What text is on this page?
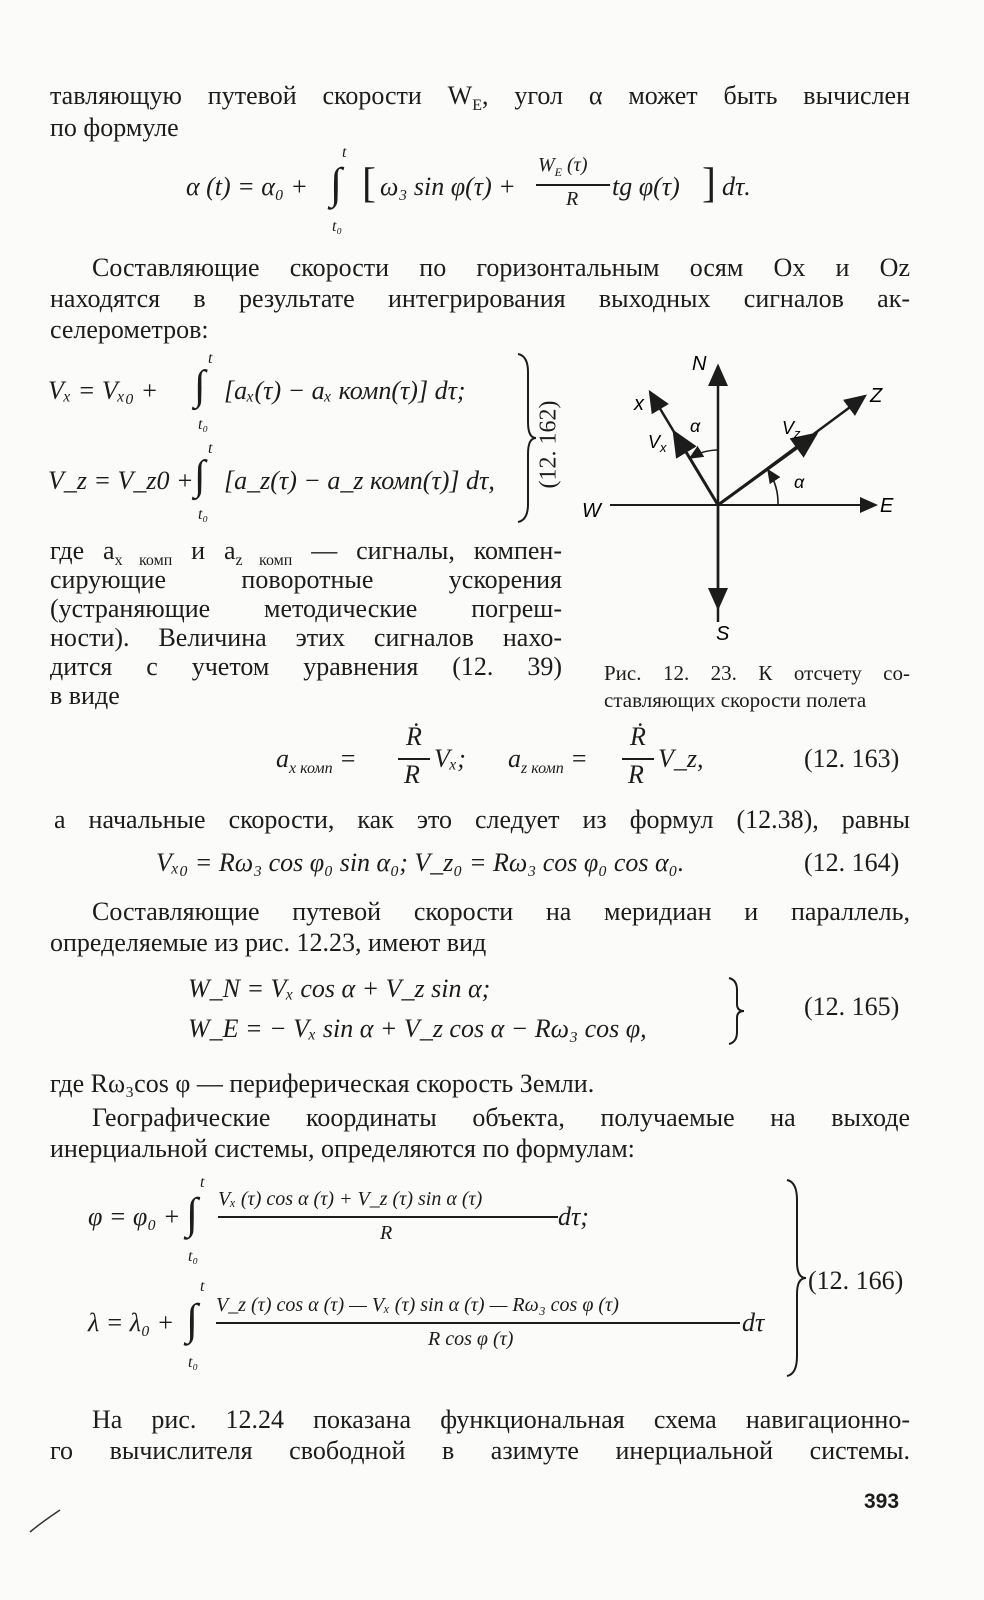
тавляющую путевой скорости $W_E$, угол α может быть вычислен

по формуле

α (t) = α₀ + ∫
t
t₀
[ ω₃ sin φ(τ) +
$W_E$ (τ)
R tg φ(τ) ] dτ.

Составляющие скорости по горизонтальным осям Ox и Oz

находятся в результате интегрирования выходных сигналов ак-

селерометров:

Vₓ = Vₓ₀ + ∫
t
t₀
[aₓ(τ) − aₓ комп(τ)] dτ;
V_z = V_z0 + ∫
t
t₀
[a_z(τ) − a_z комп(τ)] dτ, (12. 162)
N
S
E
W
x	Z
$V_x$
$V_z$
α
α
Рис. 12. 23. К отсчету со-
ставляющих скорости полета

где $a_{x комп}$ и $a_{z комп}$ — сигналы, компен-

сирующие поворотные ускорения

(устраняющие методические погреш-

ности). Величина этих сигналов нахо-

дится с учетом уравнения (12. 39)

в виде

$a_{x комп}$ =
Ṙ
R
Vₓ; $a_{z комп}$ =
Ṙ
R
V_z,	(12. 163)

а начальные скорости, как это следует из формул (12.38), равны

Vₓ₀ = Rω₃ cos φ₀ sin α₀; V_z₀ = Rω₃ cos φ₀ cos α₀.	(12. 164)

Составляющие путевой скорости на меридиан и параллель,

определяемые из рис. 12.23, имеют вид

W_N = Vₓ cos α + V_z sin α;
W_E = − Vₓ sin α + V_z cos α − Rω₃ cos φ,
(12. 165)

где Rω₃cos φ — периферическая скорость Земли.

Географические координаты объекта, получаемые на выходе

инерциальной системы, определяются по формулам:

φ = φ₀ + ∫
t
t₀
Vₓ (τ) cos α (τ) + V_z (τ) sin α (τ)
R
dτ;
λ = λ₀ + ∫
t
t₀
V_z (τ) cos α (τ) — Vₓ (τ) sin α (τ) — Rω₃ cos φ (τ)
R cos φ (τ)
dτ
(12. 166)

На рис. 12.24 показана функциональная схема навигационно-

го вычислителя свободной в азимуте инерциальной системы.

393
